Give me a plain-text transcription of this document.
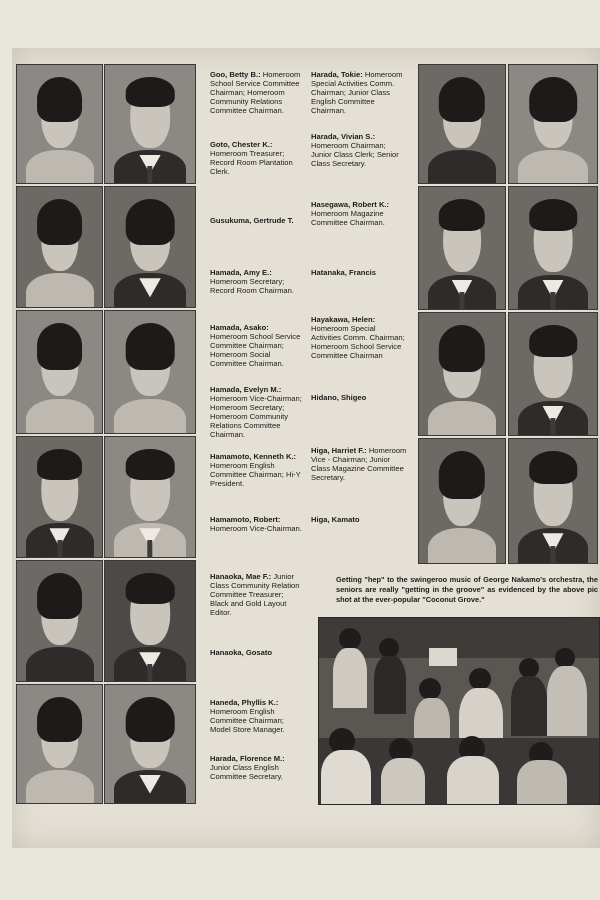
Goo, Betty B.: Homeroom School Service Committee Chairman; Homeroom Community Relations Committee Chairman.
Goto, Chester K.: Homeroom Treasurer; Record Room Plantation Clerk.
Gusukuma, Gertrude T.
Hamada, Amy E.: Homeroom Secretary; Record Room Chairman.
Hamada, Asako: Homeroom School Service Committee Chairman; Homeroom Social Committee Chairman.
Hamada, Evelyn M.: Homeroom Vice-Chairman; Homeroom Secretary; Homeroom Community Relations Committee Chairman.
Hamamoto, Kenneth K.: Homeroom English Committee Chairman; Hi-Y President.
Hamamoto, Robert: Homeroom Vice-Chairman.
Hanaoka, Mae F.: Junior Class Community Relation Committee Treasurer; Black and Gold Layout Editor.
Hanaoka, Gosato
Haneda, Phyllis K.: Homeroom English Committee Chairman; Model Store Manager.
Harada, Florence M.: Junior Class English Committee Secretary.
Harada, Tokie: Homeroom Special Activities Comm. Chairman; Junior Class English Committee Chairman.
Harada, Vivian S.: Homeroom Chairman; Junior Class Clerk; Senior Class Secretary.
Hasegawa, Robert K.: Homeroom Magazine Committee Chairman.
Hatanaka, Francis
Hayakawa, Helen: Homeroom Special Activities Comm. Chairman; Homeroom School Service Committee Chairman
Hidano, Shigeo
Higa, Harriet F.: Homeroom Vice - Chairman; Junior Class Magazine Committee Secretary.
Higa, Kamato
Getting "hep" to the swingeroo music of George Nakamo's orchestra, the seniors are really "getting in the groove" as evidenced by the above pic shot at the ever-popular "Coconut Grove."
